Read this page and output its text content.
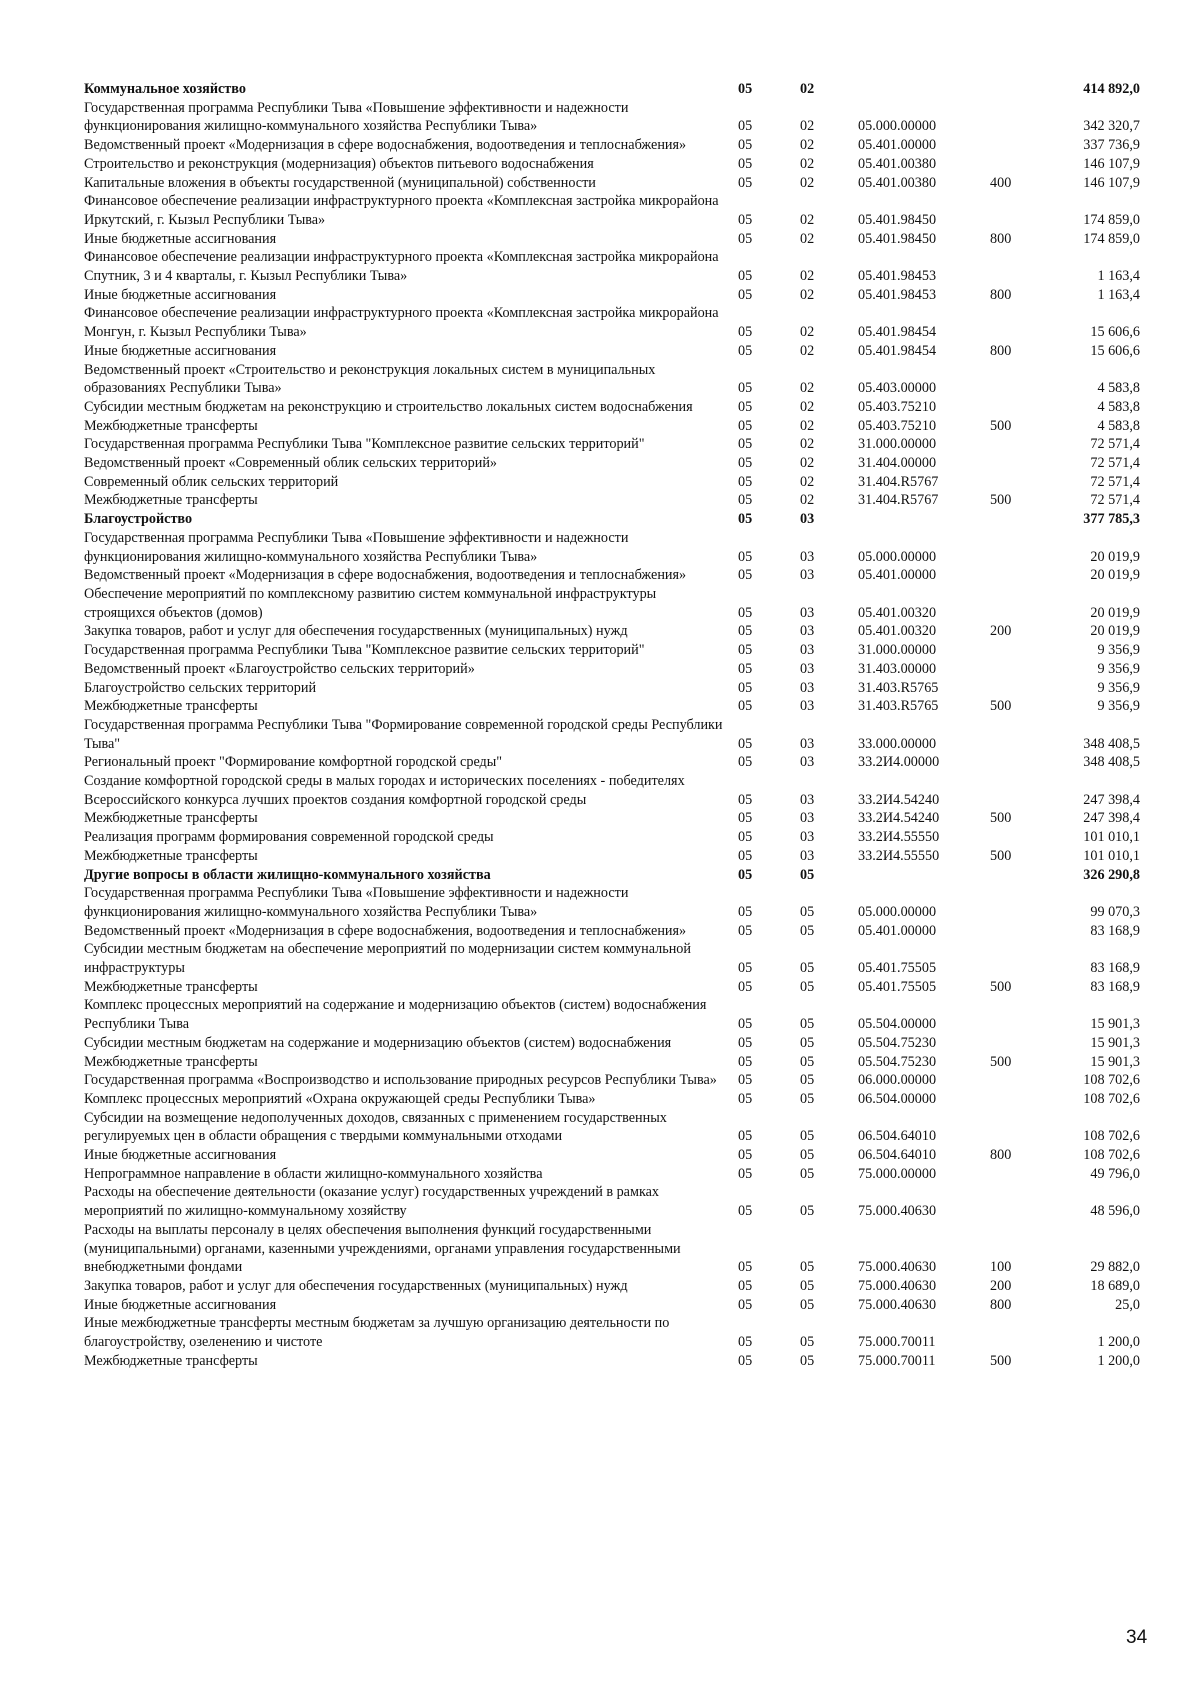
Коммунальное хозяйство	05	02			414 892,0
Государственная программа Республики Тыва «Повышение эффективности и надежности функционирования жилищно-коммунального хозяйства Республики Тыва»	05	02	05.000.00000		342 320,7
Ведомственный проект «Модернизация в сфере водоснабжения, водоотведения и теплоснабжения»	05	02	05.401.00000		337 736,9
Строительство и реконструкция (модернизация) объектов питьевого водоснабжения	05	02	05.401.00380		146 107,9
Капитальные вложения в объекты государственной (муниципальной) собственности	05	02	05.401.00380	400	146 107,9
Финансовое обеспечение реализации инфраструктурного проекта «Комплексная застройка микрорайона Иркутский, г. Кызыл Республики Тыва»	05	02	05.401.98450		174 859,0
Иные бюджетные ассигнования	05	02	05.401.98450	800	174 859,0
Финансовое обеспечение реализации инфраструктурного проекта «Комплексная застройка микрорайона Спутник, 3 и 4 кварталы, г. Кызыл Республики Тыва»	05	02	05.401.98453		1 163,4
Иные бюджетные ассигнования	05	02	05.401.98453	800	1 163,4
Финансовое обеспечение реализации инфраструктурного проекта «Комплексная застройка микрорайона Монгун, г. Кызыл Республики Тыва»	05	02	05.401.98454		15 606,6
Иные бюджетные ассигнования	05	02	05.401.98454	800	15 606,6
Ведомственный проект «Строительство и реконструкция локальных систем в муниципальных образованиях Республики Тыва»	05	02	05.403.00000		4 583,8
Субсидии местным бюджетам на реконструкцию и строительство локальных систем водоснабжения	05	02	05.403.75210		4 583,8
Межбюджетные трансферты	05	02	05.403.75210	500	4 583,8
Государственная программа Республики Тыва "Комплексное развитие сельских территорий"	05	02	31.000.00000		72 571,4
Ведомственный проект «Современный облик сельских территорий»	05	02	31.404.00000		72 571,4
Современный облик сельских территорий	05	02	31.404.R5767		72 571,4
Межбюджетные трансферты	05	02	31.404.R5767	500	72 571,4
Благоустройство	05	03			377 785,3
Государственная программа Республики Тыва «Повышение эффективности и надежности функционирования жилищно-коммунального хозяйства Республики Тыва»	05	03	05.000.00000		20 019,9
Ведомственный проект «Модернизация в сфере водоснабжения, водоотведения и теплоснабжения»	05	03	05.401.00000		20 019,9
Обеспечение мероприятий по комплексному развитию систем коммунальной инфраструктуры строящихся объектов (домов)	05	03	05.401.00320		20 019,9
Закупка товаров, работ и услуг для обеспечения государственных (муниципальных) нужд	05	03	05.401.00320	200	20 019,9
Государственная программа Республики Тыва "Комплексное развитие сельских территорий"	05	03	31.000.00000		9 356,9
Ведомственный проект «Благоустройство сельских территорий»	05	03	31.403.00000		9 356,9
Благоустройство сельских территорий	05	03	31.403.R5765		9 356,9
Межбюджетные трансферты	05	03	31.403.R5765	500	9 356,9
Государственная программа Республики Тыва "Формирование современной городской среды Республики Тыва"	05	03	33.000.00000		348 408,5
Региональный проект "Формирование комфортной городской среды"	05	03	33.2И4.00000		348 408,5
Создание комфортной городской среды в малых городах и исторических поселениях - победителях Всероссийского конкурса лучших проектов создания комфортной городской среды	05	03	33.2И4.54240		247 398,4
Межбюджетные трансферты	05	03	33.2И4.54240	500	247 398,4
Реализация программ формирования современной городской среды	05	03	33.2И4.55550		101 010,1
Межбюджетные трансферты	05	03	33.2И4.55550	500	101 010,1
Другие вопросы в области жилищно-коммунального хозяйства	05	05			326 290,8
Государственная программа Республики Тыва «Повышение эффективности и надежности функционирования жилищно-коммунального хозяйства Республики Тыва»	05	05	05.000.00000		99 070,3
Ведомственный проект «Модернизация в сфере водоснабжения, водоотведения и теплоснабжения»	05	05	05.401.00000		83 168,9
Субсидии местным бюджетам на обеспечение мероприятий по модернизации систем коммунальной инфраструктуры	05	05	05.401.75505		83 168,9
Межбюджетные трансферты	05	05	05.401.75505	500	83 168,9
Комплекс процессных мероприятий на содержание и модернизацию объектов (систем) водоснабжения Республики Тыва	05	05	05.504.00000		15 901,3
Субсидии местным бюджетам на содержание и модернизацию объектов (систем) водоснабжения	05	05	05.504.75230		15 901,3
Межбюджетные трансферты	05	05	05.504.75230	500	15 901,3
Государственная программа «Воспроизводство и использование природных ресурсов Республики Тыва»	05	05	06.000.00000		108 702,6
Комплекс процессных мероприятий «Охрана окружающей среды Республики Тыва»	05	05	06.504.00000		108 702,6
Субсидии на возмещение недополученных доходов, связанных с применением государственных регулируемых цен в области обращения с твердыми коммунальными отходами	05	05	06.504.64010		108 702,6
Иные бюджетные ассигнования	05	05	06.504.64010	800	108 702,6
Непрограммное направление в области жилищно-коммунального хозяйства	05	05	75.000.00000		49 796,0
Расходы на обеспечение деятельности (оказание услуг) государственных учреждений в рамках мероприятий по жилищно-коммунальному хозяйству	05	05	75.000.40630		48 596,0
Расходы на выплаты персоналу в целях обеспечения выполнения функций государственными (муниципальными) органами, казенными учреждениями, органами управления государственными внебюджетными фондами	05	05	75.000.40630	100	29 882,0
Закупка товаров, работ и услуг для обеспечения государственных (муниципальных) нужд	05	05	75.000.40630	200	18 689,0
Иные бюджетные ассигнования	05	05	75.000.40630	800	25,0
Иные межбюджетные трансферты местным бюджетам за лучшую организацию деятельности по благоустройству, озеленению и чистоте	05	05	75.000.70011		1 200,0
Межбюджетные трансферты	05	05	75.000.70011	500	1 200,0
34
